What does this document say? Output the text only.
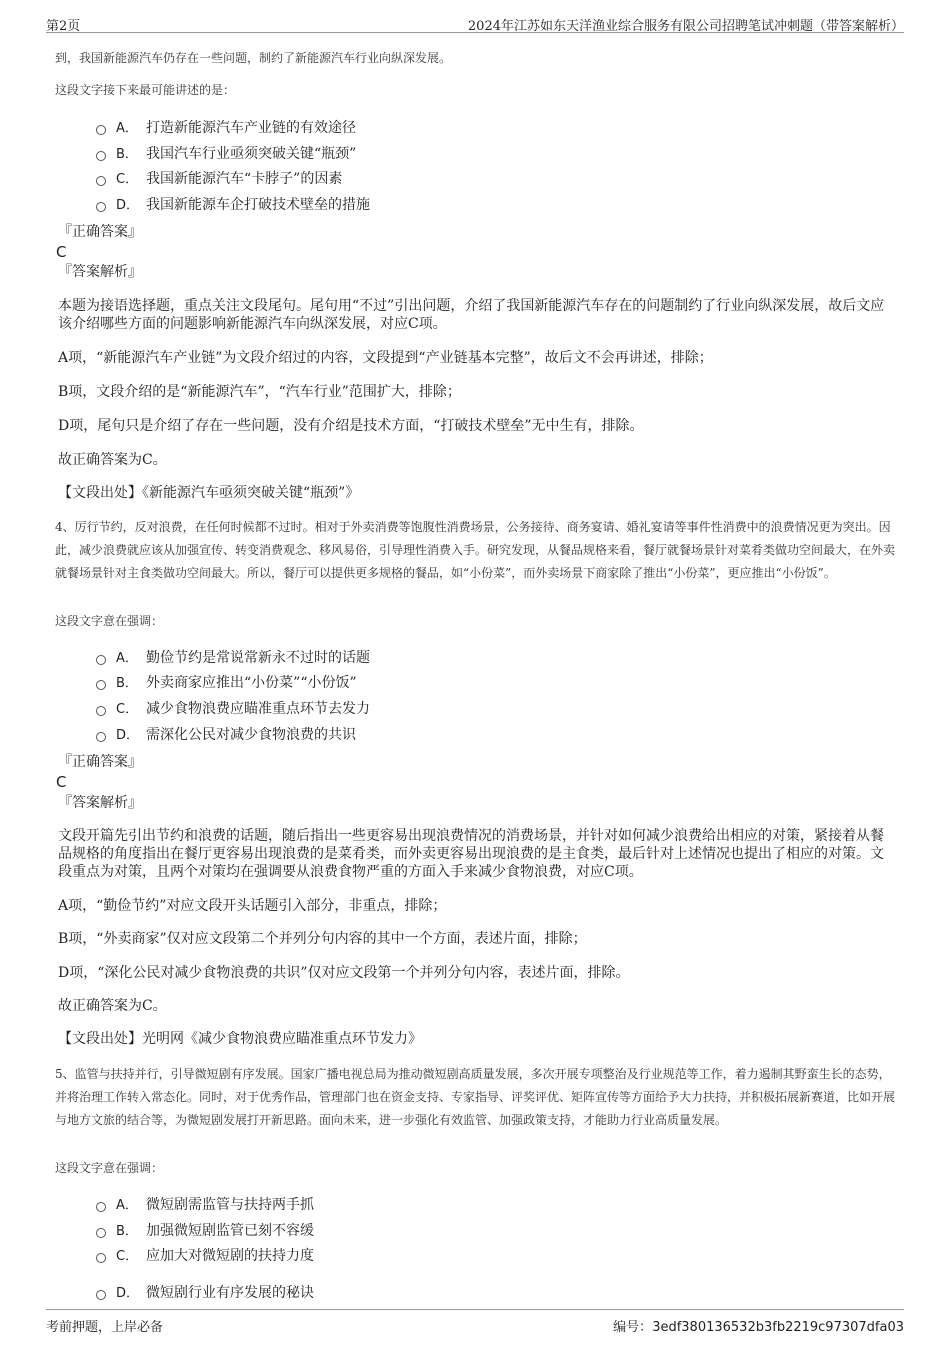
第2页	2024年江苏如东天洋渔业综合服务有限公司招聘笔试冲刺题（带答案解析）
到，我国新能源汽车仍存在一些问题，制约了新能源汽车行业向纵深发展。
这段文字接下来最可能讲述的是：
A． 打造新能源汽车产业链的有效途径
B． 我国汽车行业亟须突破关键“瓶颈”
C． 我国新能源汽车“卡脖子”的因素
D． 我国新能源车企打破技术壁垒的措施
『正确答案』
C
『答案解析』
本题为接语选择题，重点关注文段尾句。尾句用“不过”引出问题，介绍了我国新能源汽车存在的问题制约了行业向纵深发展，故后文应该介绍哪些方面的问题影响新能源汽车向纵深发展，对应C项。
A项，“新能源汽车产业链”为文段介绍过的内容，文段提到“产业链基本完整”，故后文不会再讲述，排除；
B项，文段介绍的是“新能源汽车”，“汽车行业”范围扩大，排除；
D项，尾句只是介绍了存在一些问题，没有介绍是技术方面，“打破技术壁垒”无中生有，排除。
故正确答案为C。
【文段出处】《新能源汽车亟须突破关键“瓶颈”》
4、厉行节约，反对浪费，在任何时候都不过时。相对于外卖消费等饱腹性消费场景，公务接待、商务宴请、婚礼宴请等事件性消费中的浪费情况更为突出。因此，减少浪费就应该从加强宣传、转变消费观念、移风易俗，引导理性消费入手。研究发现，从餐品规格来看，餐厅就餐场景针对菜肴类做功空间最大，在外卖就餐场景针对主食类做功空间最大。所以，餐厅可以提供更多规格的餐品，如“小份菜”，而外卖场景下商家除了推出“小份菜”，更应推出“小份饭”。
这段文字意在强调：
A． 勤俭节约是常说常新永不过时的话题
B． 外卖商家应推出“小份菜”“小份饭”
C． 减少食物浪费应瞄准重点环节去发力
D． 需深化公民对减少食物浪费的共识
『正确答案』
C
『答案解析』
文段开篇先引出节约和浪费的话题，随后指出一些更容易出现浪费情况的消费场景，并针对如何减少浪费给出相应的对策，紧接着从餐品规格的角度指出在餐厅更容易出现浪费的是菜肴类，而外卖更容易出现浪费的是主食类，最后针对上述情况也提出了相应的对策。文段重点为对策，且两个对策均在强调要从浪费食物严重的方面入手来减少食物浪费，对应C项。
A项，“勤俭节约”对应文段开头话题引入部分，非重点，排除；
B项，“外卖商家”仅对应文段第二个并列分句内容的其中一个方面，表述片面，排除；
D项，“深化公民对减少食物浪费的共识”仅对应文段第一个并列分句内容，表述片面，排除。
故正确答案为C。
【文段出处】光明网《减少食物浪费应瞄准重点环节发力》
5、监管与扶持并行，引导微短剧有序发展。国家广播电视总局为推动微短剧高质量发展，多次开展专项整治及行业规范等工作，着力遏制其野蛮生长的态势，并将治理工作转入常态化。同时，对于优秀作品，管理部门也在资金支持、专家指导、评奖评优、矩阵宣传等方面给予大力扶持，并积极拓展新赛道，比如开展与地方文旅的结合等，为微短剧发展打开新思路。面向未来，进一步强化有效监管、加强政策支持，才能助力行业高质量发展。
这段文字意在强调：
A． 微短剧需监管与扶持两手抓
B． 加强微短剧监管已刻不容缓
C． 应加大对微短剧的扶持力度
D． 微短剧行业有序发展的秘诀
考前押题，上岸必备	编号：3edf380136532b3fb2219c97307dfa03
